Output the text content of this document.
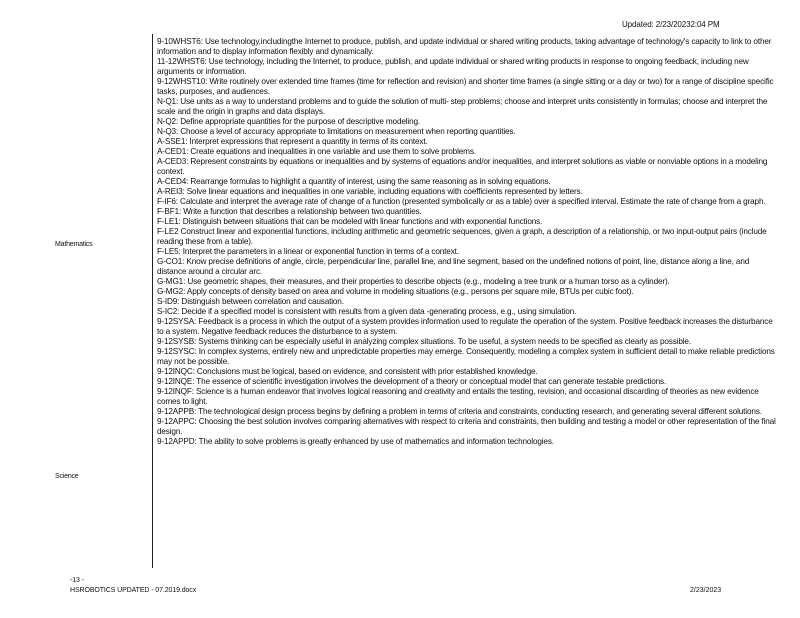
Updated: 2/23/20232:04 PM
Mathematics
Science

9-10WHST6: Use technology,includingthe Internet to produce, publish, and update individual or shared writing products, taking advantage of technology's capacity to link to other information and to display information flexibly and dynamically.

11-12WHST6: Use technology, including the Internet, to produce, publish, and update individual or shared writing products in response to ongoing feedback, including new arguments or information.

9-12WHST10: Write routinely over extended time frames (time for reflection and revision) and shorter time frames (a single sitting or a day or two) for a range of discipline specific tasks, purposes, and audiences.

N-Q1: Use units as a way to understand problems and to guide the solution of multi- step problems; choose and interpret units consistently in formulas; choose and interpret the scale and the origin in graphs and data displays.

N-Q2: Define appropriate quantities for the purpose of descriptive modeling.

N-Q3: Choose a level of accuracy appropriate to limitations on measurement when reporting quantities.

A-SSE1: Interpret expressions that represent a quantity in terms of its context.

A-CED1: Create equations and inequalities in one variable and use them to solve problems.

A-CED3: Represent constraints by equations or inequalities and by systems of equations and/or inequalities, and interpret solutions as viable or nonviable options in a modeling context.

A-CED4: Rearrange formulas to highlight a quantity of interest, using the same reasoning as in solving equations.

A-REI3: Solve linear equations and inequalities in one variable, including equations with coefficients represented by letters.

F-IF6: Calculate and interpret the average rate of change of a function (presented symbolically or as a table) over a specified interval. Estimate the rate of change from a graph.

F-BF1: Write a function that describes a relationship between two quantities.

F-LE1: Distinguish between situations that can be modeled with linear functions and with exponential functions.

F-LE2 Construct linear and exponential functions, including arithmetic and geometric sequences, given a graph, a description of a relationship, or two input-output pairs (include reading these from a table).

F-LE5: Interpret the parameters in a linear or exponential function in terms of a context.

G-CO1: Know precise definitions of angle, circle, perpendicular line, parallel line, and line segment, based on the undefined notions of point, line, distance along a line, and distance around a circular arc.

G-MG1: Use geometric shapes, their measures, and their properties to describe objects (e.g., modeling a tree trunk or a human torso as a cylinder).

G-MG2: Apply concepts of density based on area and volume in modeling situations (e.g., persons per square mile, BTUs per cubic foot).

S-ID9: Distinguish between correlation and causation.

S-IC2: Decide if a specified model is consistent with results from a given data -generating process, e.g., using simulation.

9-12SYSA: Feedback is a process in which the output of a system provides information used to regulate the operation of the system. Positive feedback increases the disturbance to a system. Negative feedback reduces the disturbance to a system.

9-12SYSB: Systems thinking can be especially useful in analyzing complex situations. To be useful, a system needs to be specified as clearly as possible.

9-12SYSC: In complex systems, entirely new and unpredictable properties may emerge. Consequently, modeling a complex system in sufficient detail to make reliable predictions may not be possible.

9-12INQC: Conclusions must be logical, based on evidence, and consistent with prior established knowledge.

9-12INQE: The essence of scientific investigation involves the development of a theory or conceptual model that can generate testable predictions.

9-12INQF: Science is a human endeavor that involves logical reasoning and creativity and entails the testing, revision, and occasional discarding of theories as new evidence comes to light.

9-12APPB: The technological design process begins by defining a problem in terms of criteria and constraints, conducting research, and generating several different solutions.

9-12APPC: Choosing the best solution involves comparing alternatives with respect to criteria and constraints, then building and testing a model or other representation of the final design.

9-12APPD: The ability to solve problems is greatly enhanced by use of mathematics and information technologies.

-13 -
HSROBOTICS UPDATED - 07.2019.docx	2/23/2023
